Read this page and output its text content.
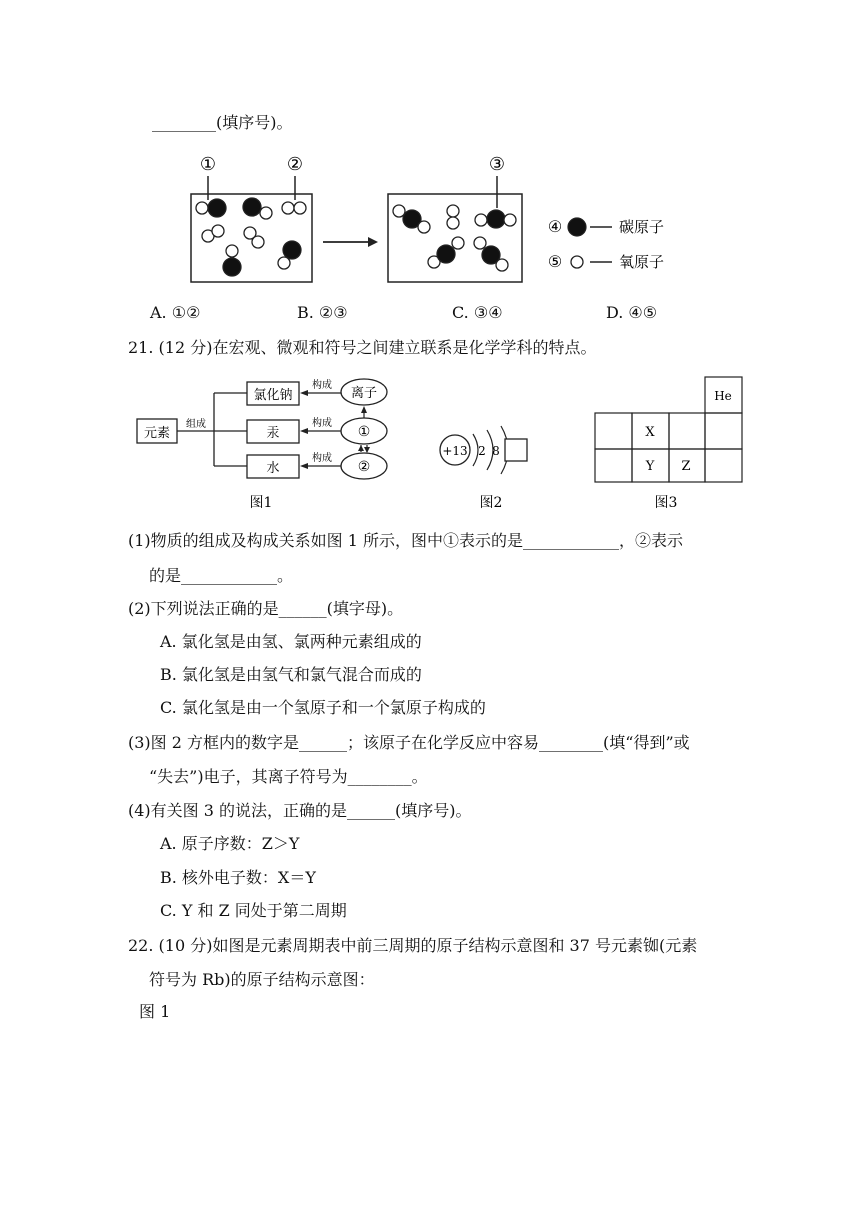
________(填序号)。
①	②	③
④	碳原子
⑤	氧原子
A. ①②	B. ②③	C. ③④	D. ④⑤
21. (12 分)在宏观、微观和符号之间建立联系是化学学科的特点。
元素
组成
氯化钠
汞
水
构成
构成
构成
离子
①
②
图1
+13 2 8
图2
He
X
Y Z
图3
(1)物质的组成及构成关系如图 1 所示，图中①表示的是____________，②表示
的是____________。
(2)下列说法正确的是______(填字母)。
A. 氯化氢是由氢、氯两种元素组成的
B. 氯化氢是由氢气和氯气混合而成的
C. 氯化氢是由一个氢原子和一个氯原子构成的
(3)图 2 方框内的数字是______；该原子在化学反应中容易________(填“得到”或
“失去”)电子，其离子符号为________。
(4)有关图 3 的说法，正确的是______(填序号)。
A. 原子序数：Z＞Y
B. 核外电子数：X＝Y
C. Y 和 Z 同处于第二周期
22. (10 分)如图是元素周期表中前三周期的原子结构示意图和 37 号元素铷(元素
符号为 Rb)的原子结构示意图：
图 1
